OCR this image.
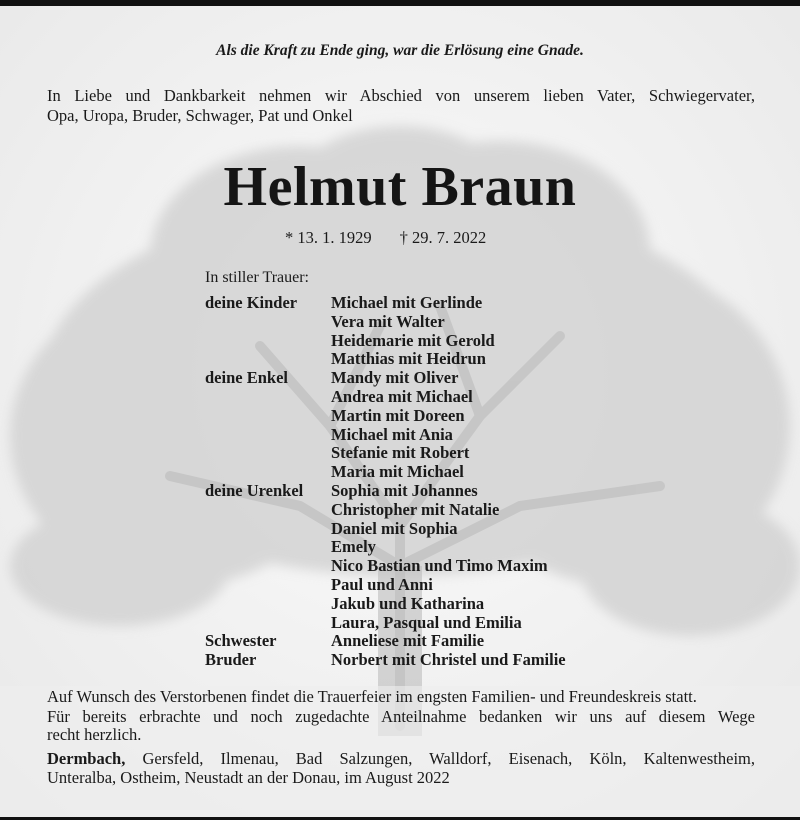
Als die Kraft zu Ende ging, war die Erlösung eine Gnade.
In Liebe und Dankbarkeit nehmen wir Abschied von unserem lieben Vater, Schwiegervater,
Opa, Uropa, Bruder, Schwager, Pat und Onkel
Helmut Braun
* 13. 1. 1929 † 29. 7. 2022
In stiller Trauer:
deine Kinder	Michael mit Gerlinde
Vera mit Walter
Heidemarie mit Gerold
Matthias mit Heidrun
deine Enkel	Mandy mit Oliver
Andrea mit Michael
Martin mit Doreen
Michael mit Ania
Stefanie mit Robert
Maria mit Michael
deine Urenkel	Sophia mit Johannes
Christopher mit Natalie
Daniel mit Sophia
Emely
Nico Bastian und Timo Maxim
Paul und Anni
Jakub und Katharina
Laura, Pasqual und Emilia
Schwester	Anneliese mit Familie
Bruder	Norbert mit Christel und Familie
Auf Wunsch des Verstorbenen findet die Trauerfeier im engsten Familien- und Freundeskreis statt.
Für bereits erbrachte und noch zugedachte Anteilnahme bedanken wir uns auf diesem Wege
recht herzlich.
Dermbach, Gersfeld, Ilmenau, Bad Salzungen, Walldorf, Eisenach, Köln, Kaltenwestheim,
Unteralba, Ostheim, Neustadt an der Donau, im August 2022
